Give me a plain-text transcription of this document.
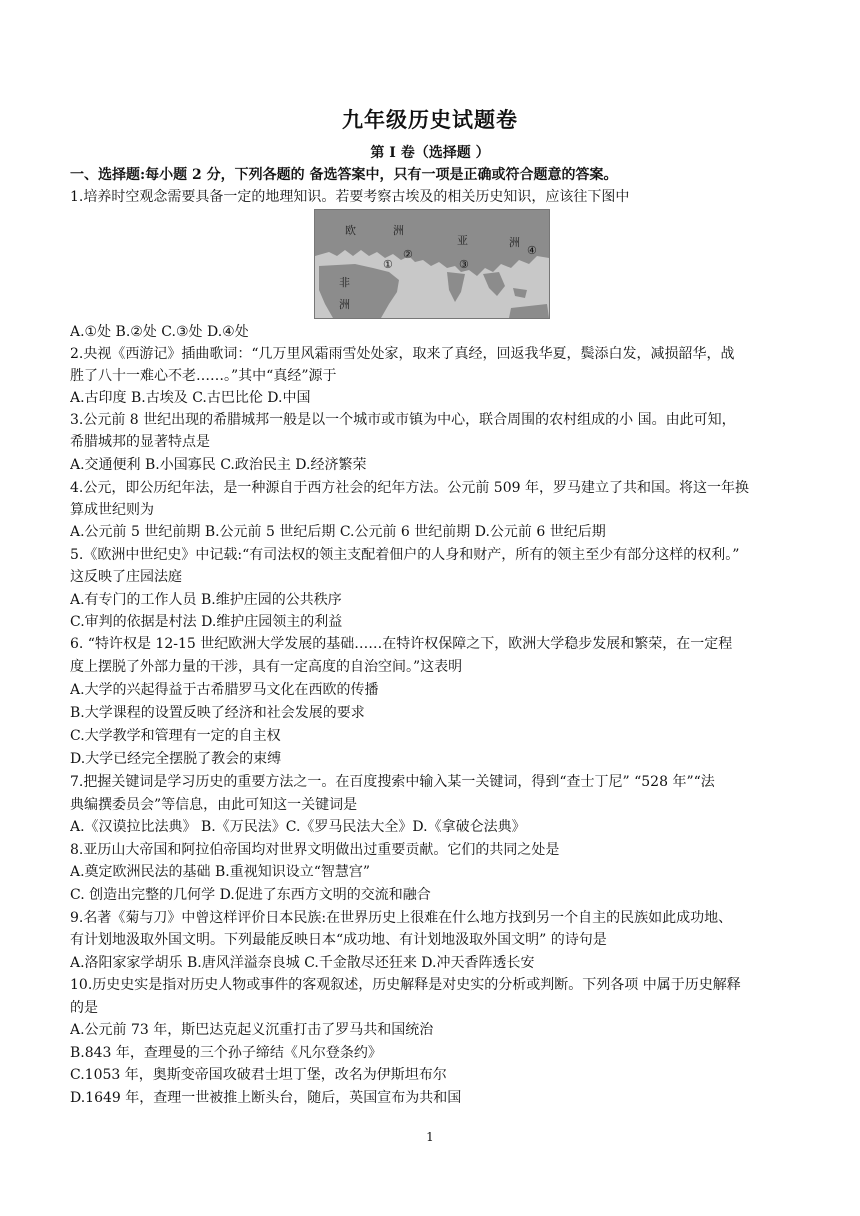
九年级历史试题卷
第 I 卷（选择题 ）
一、选择题:每小题 2 分，下列各题的 备选答案中，只有一项是正确或符合题意的答案。
1.培养时空观念需要具备一定的地理知识。若要考察古埃及的相关历史知识，应该往下图中
欧	洲
亚	洲
非
洲
①
②
③
④
A.①处 B.②处 C.③处 D.④处
2.央视《西游记》插曲歌词：“几万里风霜雨雪处处家，取来了真经，回返我华夏，鬓添白发，减损韶华，战
胜了八十一难心不老……。”其中“真经”源于
A.古印度 B.古埃及 C.古巴比伦 D.中国
3.公元前 8 世纪出现的希腊城邦一般是以一个城市或市镇为中心，联合周围的农村组成的小 国。由此可知，
希腊城邦的显著特点是
A.交通便利 B.小国寡民 C.政治民主 D.经济繁荣
4.公元，即公历纪年法，是一种源自于西方社会的纪年方法。公元前 509 年，罗马建立了共和国。将这一年换
算成世纪则为
A.公元前 5 世纪前期 B.公元前 5 世纪后期 C.公元前 6 世纪前期 D.公元前 6 世纪后期
5.《欧洲中世纪史》中记载:“有司法权的领主支配着佃户的人身和财产，所有的领主至少有部分这样的权利。”
这反映了庄园法庭
A.有专门的工作人员 B.维护庄园的公共秩序
C.审判的依据是村法 D.维护庄园领主的利益
6. “特许权是 12-15 世纪欧洲大学发展的基础……在特许权保障之下，欧洲大学稳步发展和繁荣，在一定程
度上摆脱了外部力量的干涉，具有一定高度的自治空间。”这表明
A.大学的兴起得益于古希腊罗马文化在西欧的传播
B.大学课程的设置反映了经济和社会发展的要求
C.大学教学和管理有一定的自主权
D.大学已经完全摆脱了教会的束缚
7.把握关键词是学习历史的重要方法之一。在百度搜索中输入某一关键词，得到“查士丁尼” “528 年”“法
典编撰委员会”等信息，由此可知这一关键词是
A.《汉谟拉比法典》 B.《万民法》C.《罗马民法大全》D.《拿破仑法典》
8.亚历山大帝国和阿拉伯帝国均对世界文明做出过重要贡献。它们的共同之处是
A.奠定欧洲民法的基础 B.重视知识设立“智慧宫”
C. 创造出完整的几何学 D.促进了东西方文明的交流和融合
9.名著《菊与刀》中曾这样评价日本民族:在世界历史上很难在什么地方找到另一个自主的民族如此成功地、
有计划地汲取外国文明。下列最能反映日本“成功地、有计划地汲取外国文明” 的诗句是
A.洛阳家家学胡乐 B.唐风洋溢奈良城 C.千金散尽还狂来 D.冲天香阵透长安
10.历史史实是指对历史人物或事件的客观叙述，历史解释是对史实的分析或判断。下列各项 中属于历史解释
的是
A.公元前 73 年，斯巴达克起义沉重打击了罗马共和国统治
B.843 年，查理曼的三个孙子缔结《凡尔登条约》
C.1053 年，奥斯变帝国攻破君士坦丁堡，改名为伊斯坦布尔
D.1649 年，查理一世被推上断头台，随后，英国宣布为共和国
1
